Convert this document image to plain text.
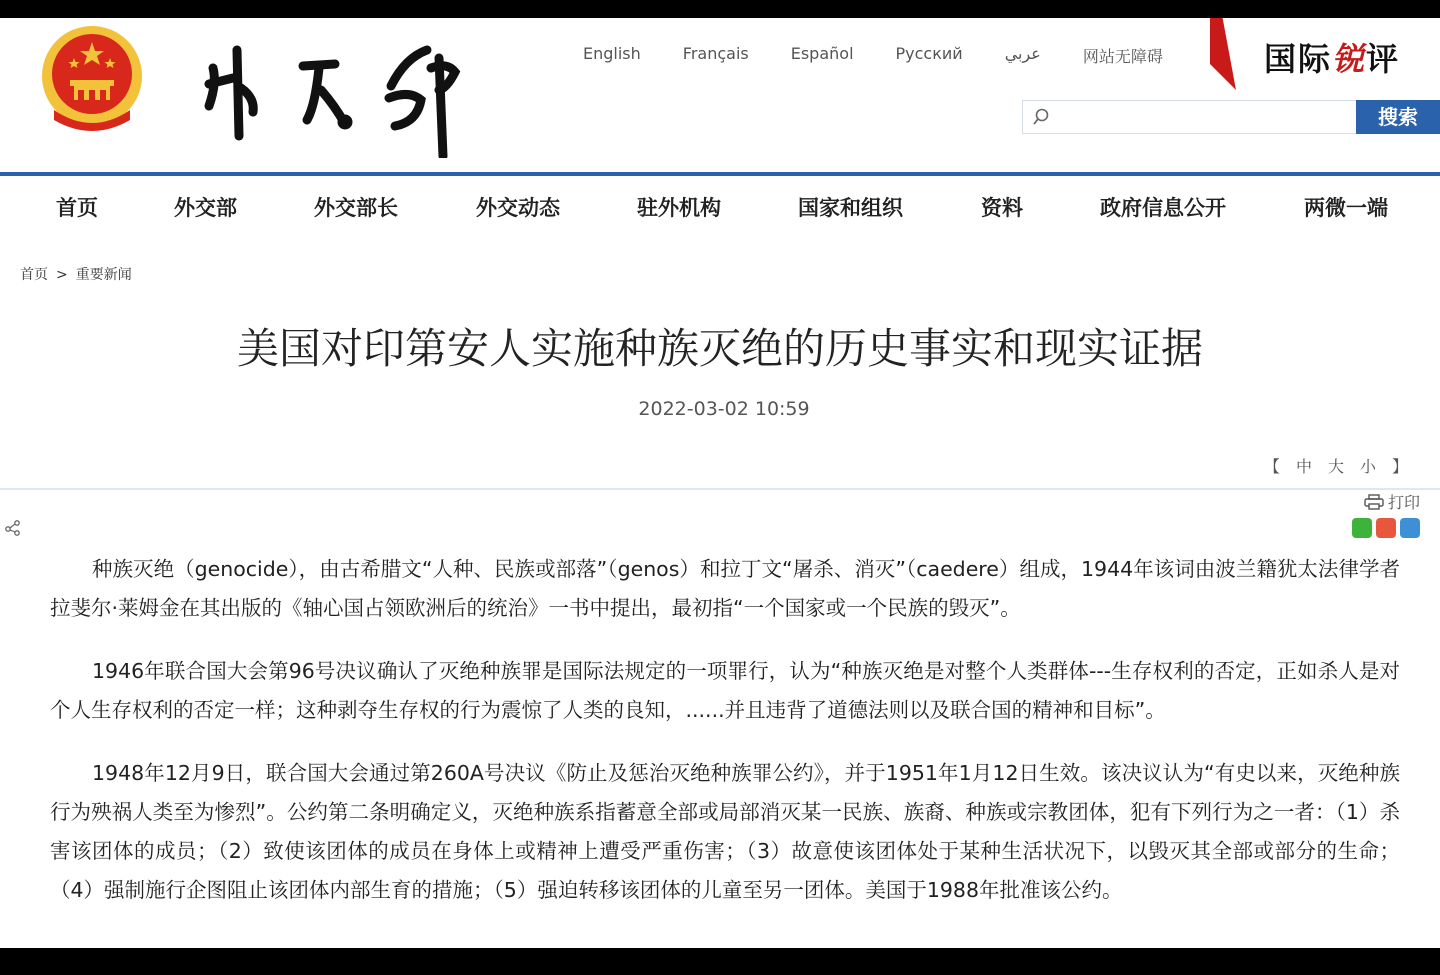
English	Français	Español	Русский	عربي	网站无障碍	国际锐评
搜索
首页	外交部	外交部长	外交动态	驻外机构	国家和组织	资料	政府信息公开	两微一端
首页 > 重要新闻
美国对印第安人实施种族灭绝的历史事实和现实证据
2022-03-02 10:59
【 中 大 小 】
打印

种族灭绝（genocide），由古希腊文“人种、民族或部落”（genos）和拉丁文“屠杀、消灭”（caedere）组成，1944年该词由波兰籍犹太法律学者拉斐尔·莱姆金在其出版的《轴心国占领欧洲后的统治》一书中提出，最初指“一个国家或一个民族的毁灭”。

1946年联合国大会第96号决议确认了灭绝种族罪是国际法规定的一项罪行，认为“种族灭绝是对整个人类群体---生存权利的否定，正如杀人是对个人生存权利的否定一样；这种剥夺生存权的行为震惊了人类的良知，......并且违背了道德法则以及联合国的精神和目标”。

1948年12月9日，联合国大会通过第260A号决议《防止及惩治灭绝种族罪公约》，并于1951年1月12日生效。该决议认为“有史以来，灭绝种族行为殃祸人类至为惨烈”。公约第二条明确定义，灭绝种族系指蓄意全部或局部消灭某一民族、族裔、种族或宗教团体，犯有下列行为之一者：（1）杀害该团体的成员；（2）致使该团体的成员在身体上或精神上遭受严重伤害；（3）故意使该团体处于某种生活状况下，以毁灭其全部或部分的生命；（4）强制施行企图阻止该团体内部生育的措施；（5）强迫转移该团体的儿童至另一团体。美国于1988年批准该公约。
